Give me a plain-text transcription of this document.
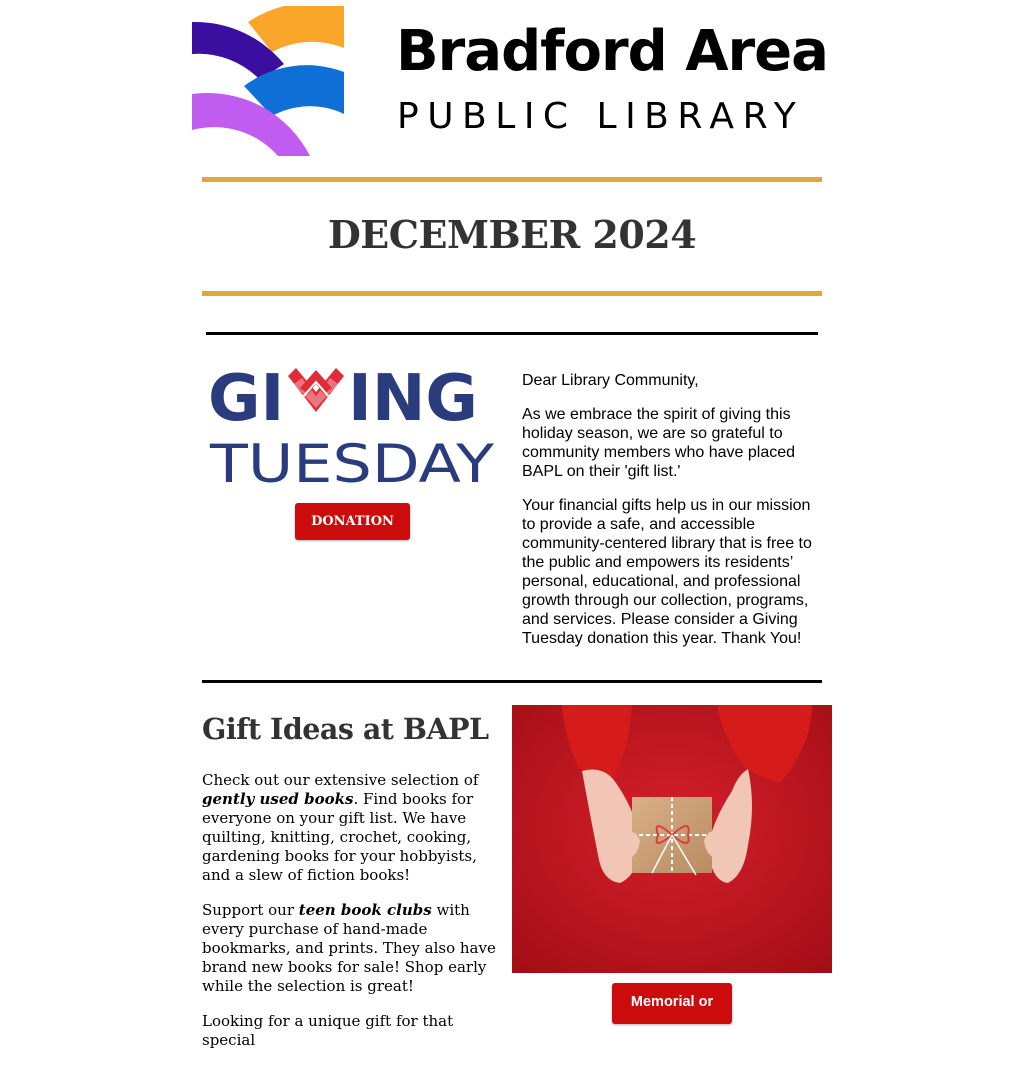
Bradford Area
PUBLIC LIBRARY
DECEMBER 2024
GI ING
TUESDAY
DONATION

Dear Library Community,

As we embrace the spirit of giving this holiday season, we are so grateful to community members who have placed BAPL on their 'gift list.'

Your financial gifts help us in our mission to provide a safe, and accessible community-centered library that is free to the public and empowers its residents’ personal, educational, and professional growth through our collection, programs, and services. Please consider a Giving Tuesday donation this year. Thank You!

Gift Ideas at BAPL

Check out our extensive selection of gently used books. Find books for everyone on your gift list. We have quilting, knitting, crochet, cooking, gardening books for your hobbyists, and a slew of fiction books!

Support our teen book clubs with every purchase of hand-made bookmarks, and prints. They also have brand new books for sale! Shop early while the selection is great!

Looking for a unique gift for that special

Memorial or
